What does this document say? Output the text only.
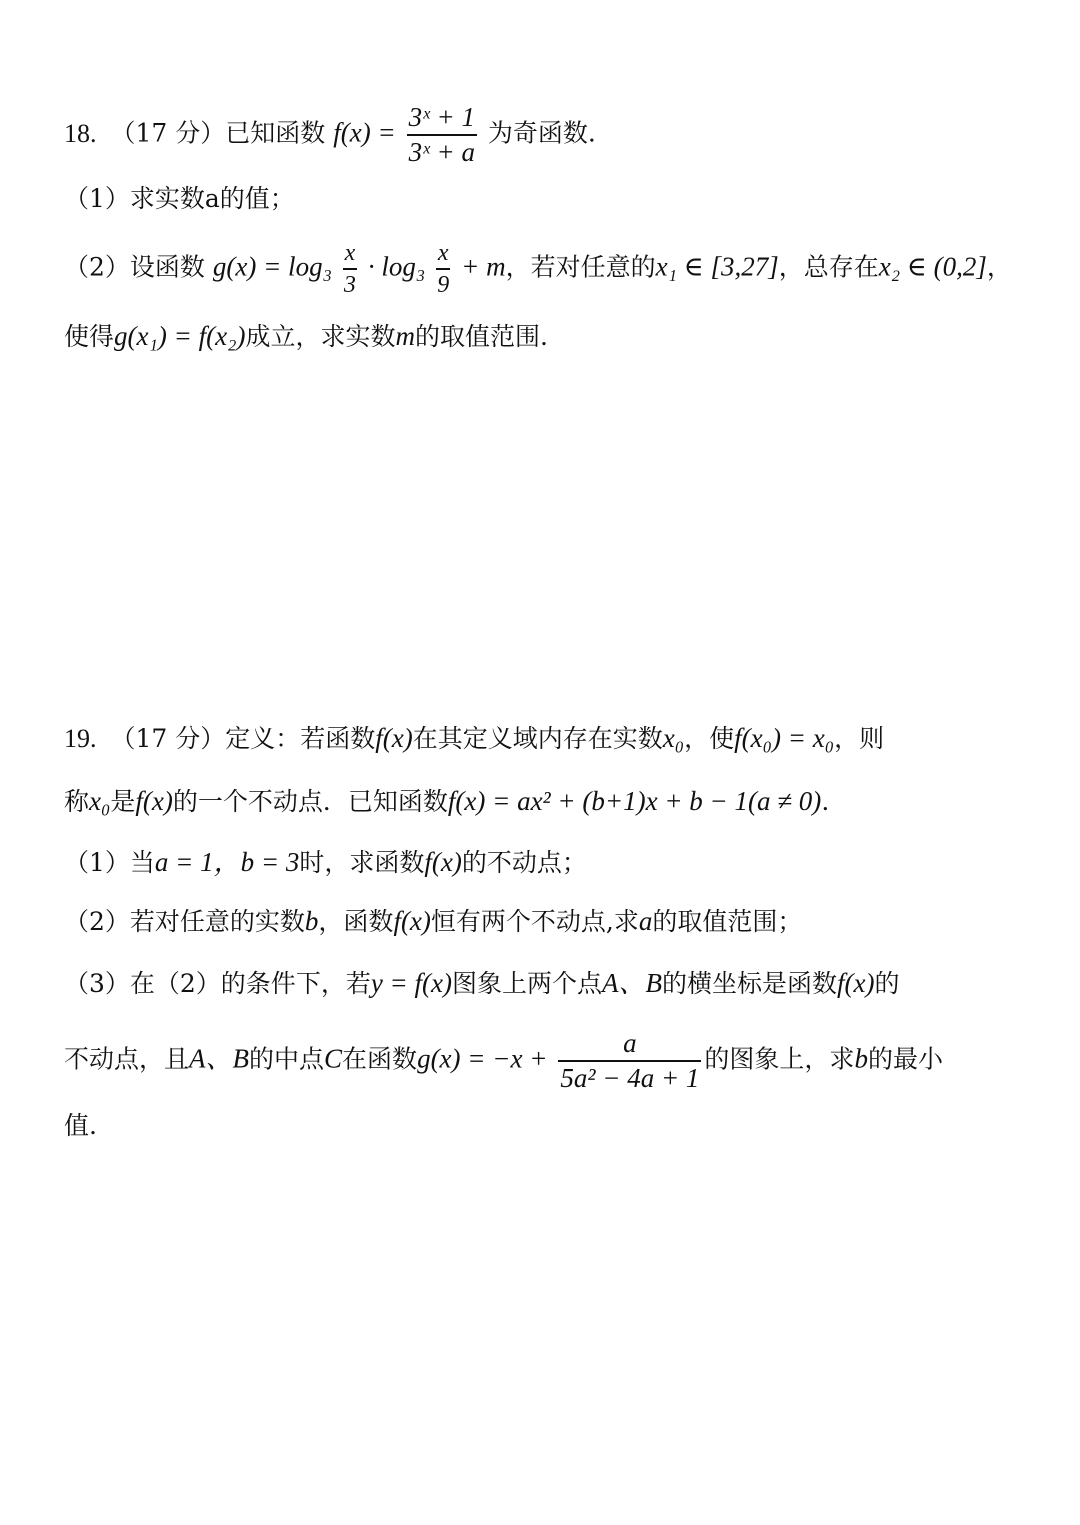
18. （17 分）已知函数 $f(x) = \frac{\text{3ˣ + 1}}{\text{3ˣ + a}}$ 为奇函数.
（1）求实数a的值；
（2）设函数 $g(x) = \log_3 \frac{x}{3} \cdot \log_3 \frac{x}{9} + m$，若对任意的x₁ ∈ [3,27]，总存在x₂ ∈ (0,2]，
使得g(x₁) = f(x₂)成立，求实数m的取值范围.
19. （17 分）定义：若函数f(x)在其定义域内存在实数x₀，使f(x₀) = x₀，则
称x₀是f(x)的一个不动点．已知函数f(x) = ax² + (b+1)x + b − 1(a ≠ 0).
（1）当a = 1，b = 3时，求函数f(x)的不动点；
（2）若对任意的实数b，函数f(x)恒有两个不动点,求a的取值范围；
（3）在（2）的条件下，若y = f(x)图象上两个点A、B的横坐标是函数f(x)的
不动点，且A、B的中点C在函数$g(x) = -x + \frac{a}{\text{5a² − 4a + 1}}$ 的图象上，求b的最小
值.
